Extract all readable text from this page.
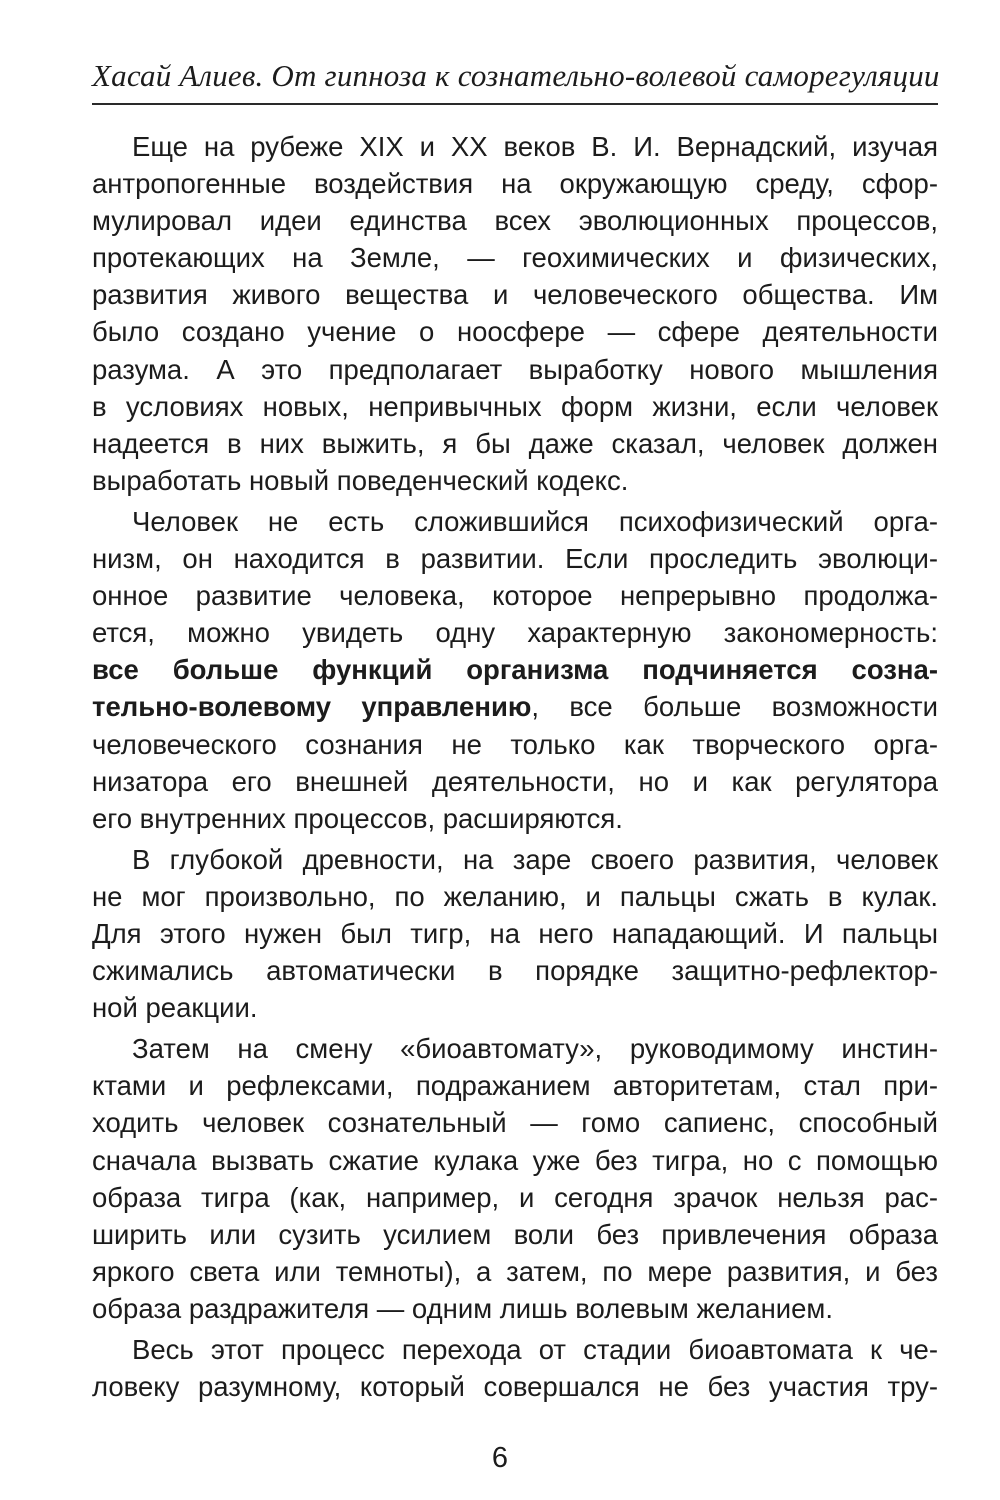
Хасай Алиев. От гипноза к сознательно-волевой саморегуляции
Еще на рубеже XIX и XX веков В. И. Вернадский, изучая
антропогенные воздействия на окружающую среду, сфор-
мулировал идеи единства всех эволюционных процессов,
протекающих на Земле, — геохимических и физических,
развития живого вещества и человеческого общества. Им
было создано учение о ноосфере — сфере деятельности
разума. А это предполагает выработку нового мышления
в условиях новых, непривычных форм жизни, если человек
надеется в них выжить, я бы даже сказал, человек должен
выработать новый поведенческий кодекс.
Человек не есть сложившийся психофизический орга-
низм, он находится в развитии. Если проследить эволюци-
онное развитие человека, которое непрерывно продолжа-
ется, можно увидеть одну характерную закономерность:
все больше функций организма подчиняется созна-
тельно-волевому управлению, все больше возможности
человеческого сознания не только как творческого орга-
низатора его внешней деятельности, но и как регулятора
его внутренних процессов, расширяются.
В глубокой древности, на заре своего развития, человек
не мог произвольно, по желанию, и пальцы сжать в кулак.
Для этого нужен был тигр, на него нападающий. И пальцы
сжимались автоматически в порядке защитно-рефлектор-
ной реакции.
Затем на смену «биоавтомату», руководимому инстин-
ктами и рефлексами, подражанием авторитетам, стал при-
ходить человек сознательный — гомо сапиенс, способный
сначала вызвать сжатие кулака уже без тигра, но с помощью
образа тигра (как, например, и сегодня зрачок нельзя рас-
ширить или сузить усилием воли без привлечения образа
яркого света или темноты), а затем, по мере развития, и без
образа раздражителя — одним лишь волевым желанием.
Весь этот процесс перехода от стадии биоавтомата к че-
ловеку разумному, который совершался не без участия тру-
6
